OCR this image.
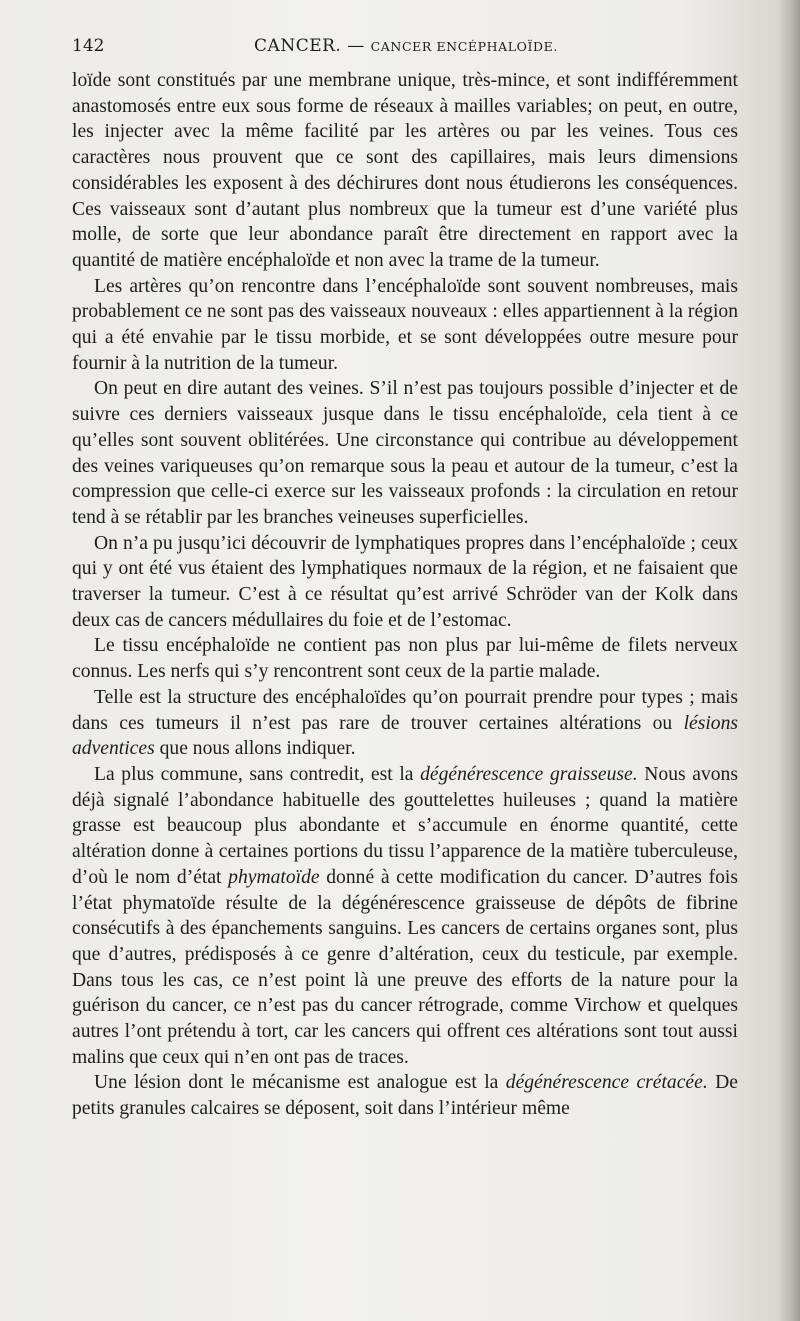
142	CANCER. — CANCER ENCÉPHALOÏDE.

loïde sont constitués par une membrane unique, très-mince, et sont indifféremment anastomosés entre eux sous forme de réseaux à mailles variables; on peut, en outre, les injecter avec la même facilité par les artères ou par les veines. Tous ces caractères nous prouvent que ce sont des capillaires, mais leurs dimensions considérables les exposent à des déchirures dont nous étudierons les conséquences. Ces vaisseaux sont d’autant plus nombreux que la tumeur est d’une variété plus molle, de sorte que leur abondance paraît être directement en rapport avec la quantité de matière encéphaloïde et non avec la trame de la tumeur.

Les artères qu’on rencontre dans l’encéphaloïde sont souvent nombreuses, mais probablement ce ne sont pas des vaisseaux nouveaux : elles appartiennent à la région qui a été envahie par le tissu morbide, et se sont développées outre mesure pour fournir à la nutrition de la tumeur.

On peut en dire autant des veines. S’il n’est pas toujours possible d’injecter et de suivre ces derniers vaisseaux jusque dans le tissu encéphaloïde, cela tient à ce qu’elles sont souvent oblitérées. Une circonstance qui contribue au développement des veines variqueuses qu’on remarque sous la peau et autour de la tumeur, c’est la compression que celle-ci exerce sur les vaisseaux profonds : la circulation en retour tend à se rétablir par les branches veineuses superficielles.

On n’a pu jusqu’ici découvrir de lymphatiques propres dans l’encéphaloïde ; ceux qui y ont été vus étaient des lymphatiques normaux de la région, et ne faisaient que traverser la tumeur. C’est à ce résultat qu’est arrivé Schröder van der Kolk dans deux cas de cancers médullaires du foie et de l’estomac.

Le tissu encéphaloïde ne contient pas non plus par lui-même de filets nerveux connus. Les nerfs qui s’y rencontrent sont ceux de la partie malade.

Telle est la structure des encéphaloïdes qu’on pourrait prendre pour types ; mais dans ces tumeurs il n’est pas rare de trouver certaines altérations ou lésions adventices que nous allons indiquer.

La plus commune, sans contredit, est la dégénérescence graisseuse. Nous avons déjà signalé l’abondance habituelle des gouttelettes huileuses ; quand la matière grasse est beaucoup plus abondante et s’accumule en énorme quantité, cette altération donne à certaines portions du tissu l’apparence de la matière tuberculeuse, d’où le nom d’état phymatoïde donné à cette modification du cancer. D’autres fois l’état phymatoïde résulte de la dégénérescence graisseuse de dépôts de fibrine consécutifs à des épanchements sanguins. Les cancers de certains organes sont, plus que d’autres, prédisposés à ce genre d’altération, ceux du testicule, par exemple. Dans tous les cas, ce n’est point là une preuve des efforts de la nature pour la guérison du cancer, ce n’est pas du cancer rétrograde, comme Virchow et quelques autres l’ont prétendu à tort, car les cancers qui offrent ces altérations sont tout aussi malins que ceux qui n’en ont pas de traces.

Une lésion dont le mécanisme est analogue est la dégénérescence crétacée. De petits granules calcaires se déposent, soit dans l’intérieur même
